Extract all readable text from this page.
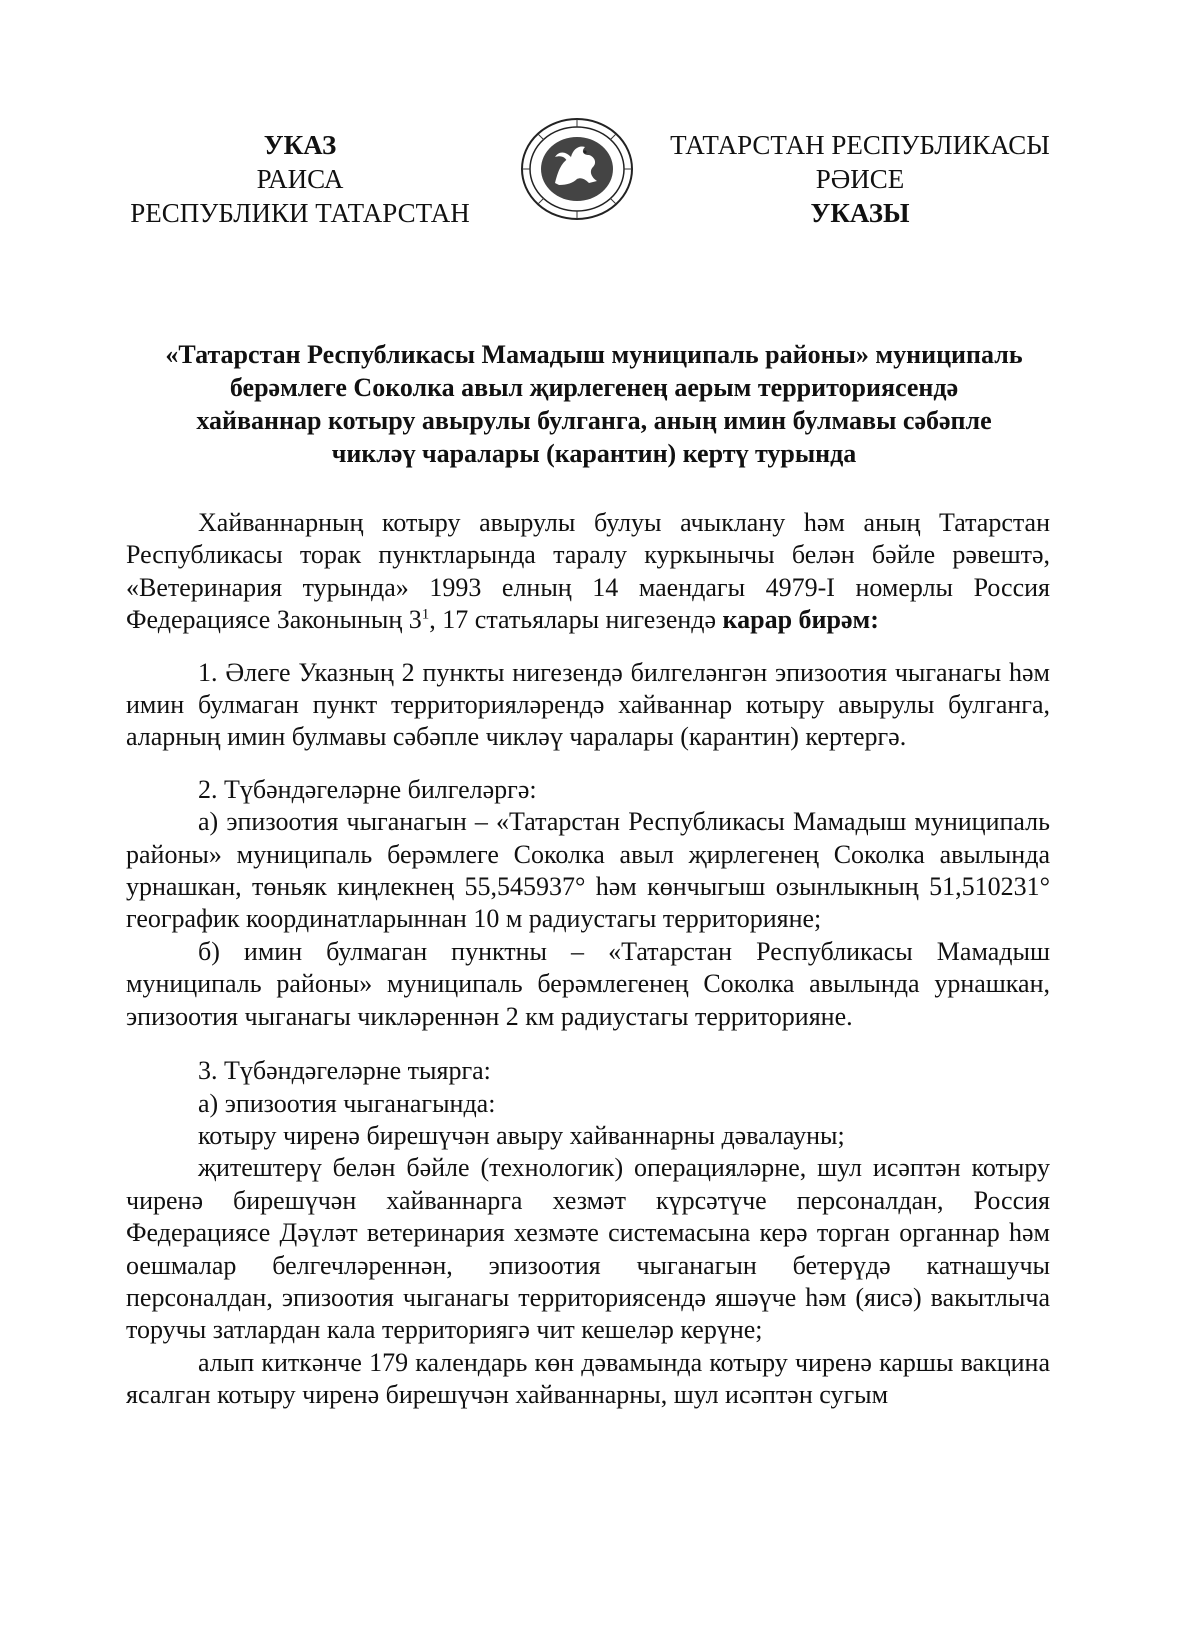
УКАЗ
РАИСА
РЕСПУБЛИКИ ТАТАРСТАН
ТАТАРСТАН РЕСПУБЛИКАСЫ
РӘИСЕ
УКАЗЫ
«Татарстан Республикасы Мамадыш муниципаль районы» муниципаль
берәмлеге Соколка авыл җирлегенең аерым территориясендә
хайваннар котыру авырулы булганга, аның имин булмавы сәбәпле
чикләү чаралары (карантин) кертү турында

Хайваннарның котыру авырулы булуы ачыклану һәм аның Татарстан Республикасы торак пунктларында таралу куркынычы белән бәйле рәвештә, «Ветеринария турында» 1993 елның 14 маендагы 4979-I номерлы Россия Федерациясе Законының $3^1$, 17 статьялары нигезендә карар бирәм:

1. Әлеге Указның 2 пункты нигезендә билгеләнгән эпизоотия чыганагы һәм имин булмаган пункт территорияләрендә хайваннар котыру авырулы булганга, аларның имин булмавы сәбәпле чикләү чаралары (карантин) кертергә.

2. Түбәндәгеләрне билгеләргә:

а) эпизоотия чыганагын – «Татарстан Республикасы Мамадыш муниципаль районы» муниципаль берәмлеге Соколка авыл җирлегенең Соколка авылында урнашкан, төньяк киңлекнең 55,545937° һәм көнчыгыш озынлыкның 51,510231° географик координатларыннан 10 м радиустагы территорияне;

б) имин булмаган пунктны – «Татарстан Республикасы Мамадыш муниципаль районы» муниципаль берәмлегенең Соколка авылында урнашкан, эпизоотия чыганагы чикләреннән 2 км радиустагы территорияне.

3. Түбәндәгеләрне тыярга:

а) эпизоотия чыганагында:

котыру чиренә бирешүчән авыру хайваннарны дәвалауны;

җитештерү белән бәйле (технологик) операцияләрне, шул исәптән котыру чиренә бирешүчән хайваннарга хезмәт күрсәтүче персоналдан, Россия Федерациясе Дәүләт ветеринария хезмәте системасына керә торган органнар һәм оешмалар белгечләреннән, эпизоотия чыганагын бетерүдә катнашучы персоналдан, эпизоотия чыганагы территориясендә яшәүче һәм (яисә) вакытлыча торучы затлардан кала территориягә чит кешеләр керүне;

алып киткәнче 179 календарь көн дәвамында котыру чиренә каршы вакцина ясалган котыру чиренә бирешүчән хайваннарны, шул исәптән сугым
